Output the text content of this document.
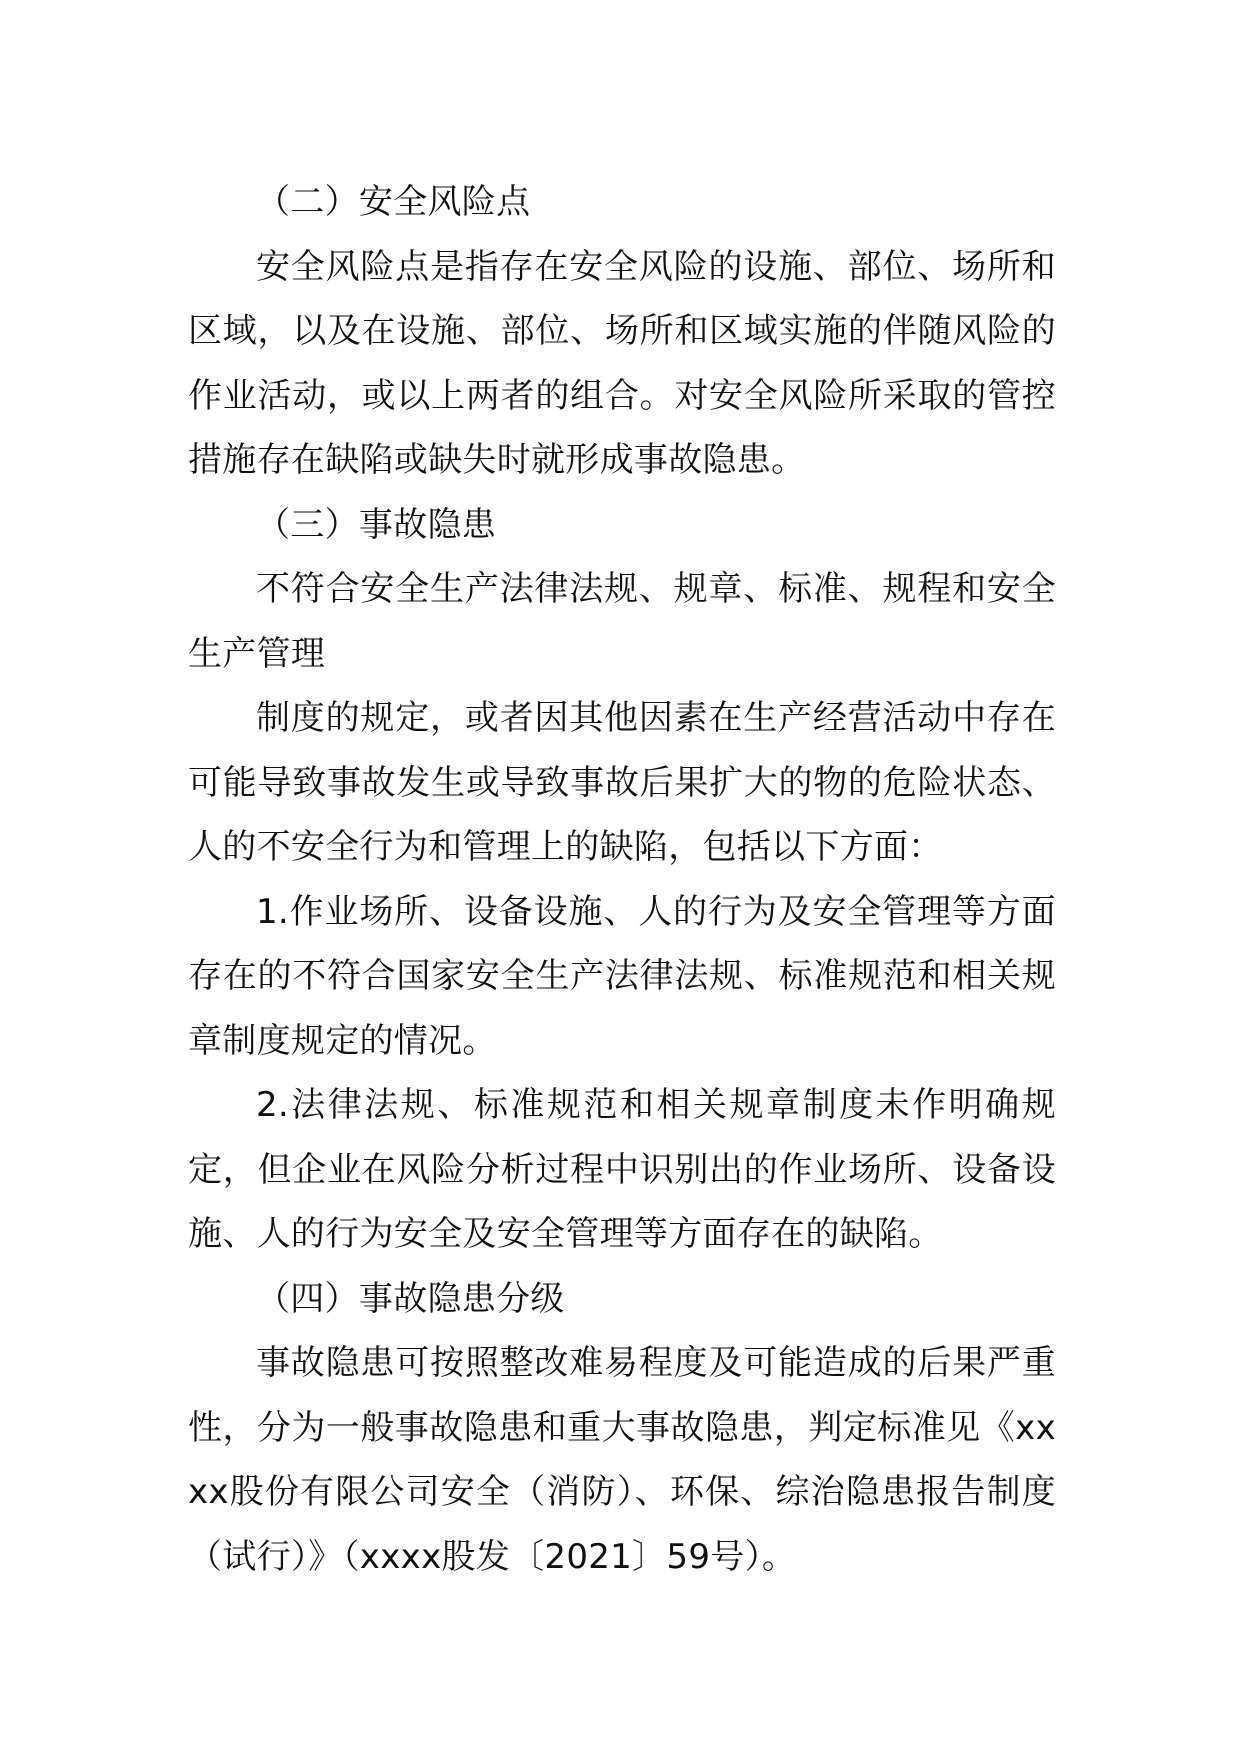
（二）安全风险点

安全风险点是指存在安全风险的设施、部位、场所和区域，以及在设施、部位、场所和区域实施的伴随风险的作业活动，或以上两者的组合。对安全风险所采取的管控措施存在缺陷或缺失时就形成事故隐患。

（三）事故隐患

不符合安全生产法律法规、规章、标准、规程和安全生产管理

制度的规定，或者因其他因素在生产经营活动中存在可能导致事故发生或导致事故后果扩大的物的危险状态、人的不安全行为和管理上的缺陷，包括以下方面：

1.作业场所、设备设施、人的行为及安全管理等方面存在的不符合国家安全生产法律法规、标准规范和相关规章制度规定的情况。

2.法律法规、标准规范和相关规章制度未作明确规定，但企业在风险分析过程中识别出的作业场所、设备设施、人的行为安全及安全管理等方面存在的缺陷。

（四）事故隐患分级

事故隐患可按照整改难易程度及可能造成的后果严重性，分为一般事故隐患和重大事故隐患，判定标准见《xxxx股份有限公司安全（消防）、环保、综治隐患报告制度（试行）》（xxxx股发〔2021〕59号）。
